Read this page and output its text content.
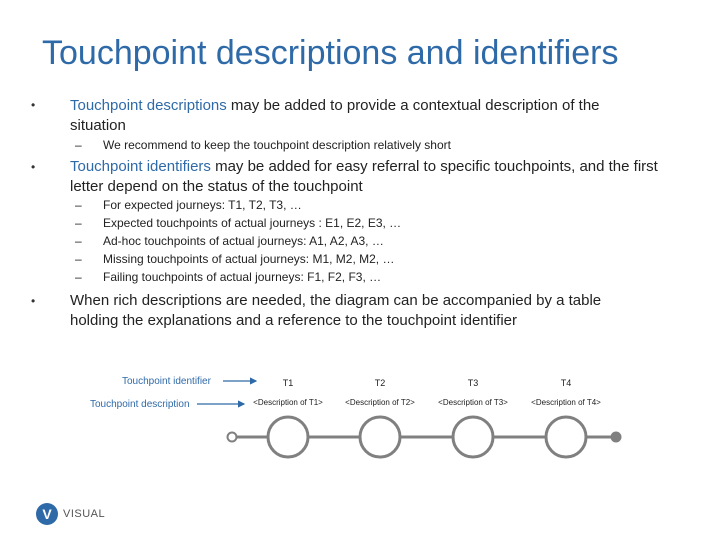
Touchpoint descriptions and identifiers
• Touchpoint descriptions may be added to provide a contextual description of the situation
– We recommend to keep the touchpoint description relatively short
• Touchpoint identifiers may be added for easy referral to specific touchpoints, and the first letter depend on the status of the touchpoint
– For expected journeys: T1, T2, T3, …
– Expected touchpoints of actual journeys : E1, E2, E3, …
– Ad-hoc touchpoints of actual journeys: A1, A2, A3, …
– Missing touchpoints of actual journeys: M1, M2, M2, …
– Failing touchpoints of actual journeys: F1, F2, F3, …
• When rich descriptions are needed, the diagram can be accompanied by a table holding the explanations and a reference to the touchpoint identifier
Touchpoint identifier
Touchpoint description
T1
<Description of T1>
T2
<Description of T2>
T3
<Description of T3>
T4
<Description of T4>
V	VISUAL
